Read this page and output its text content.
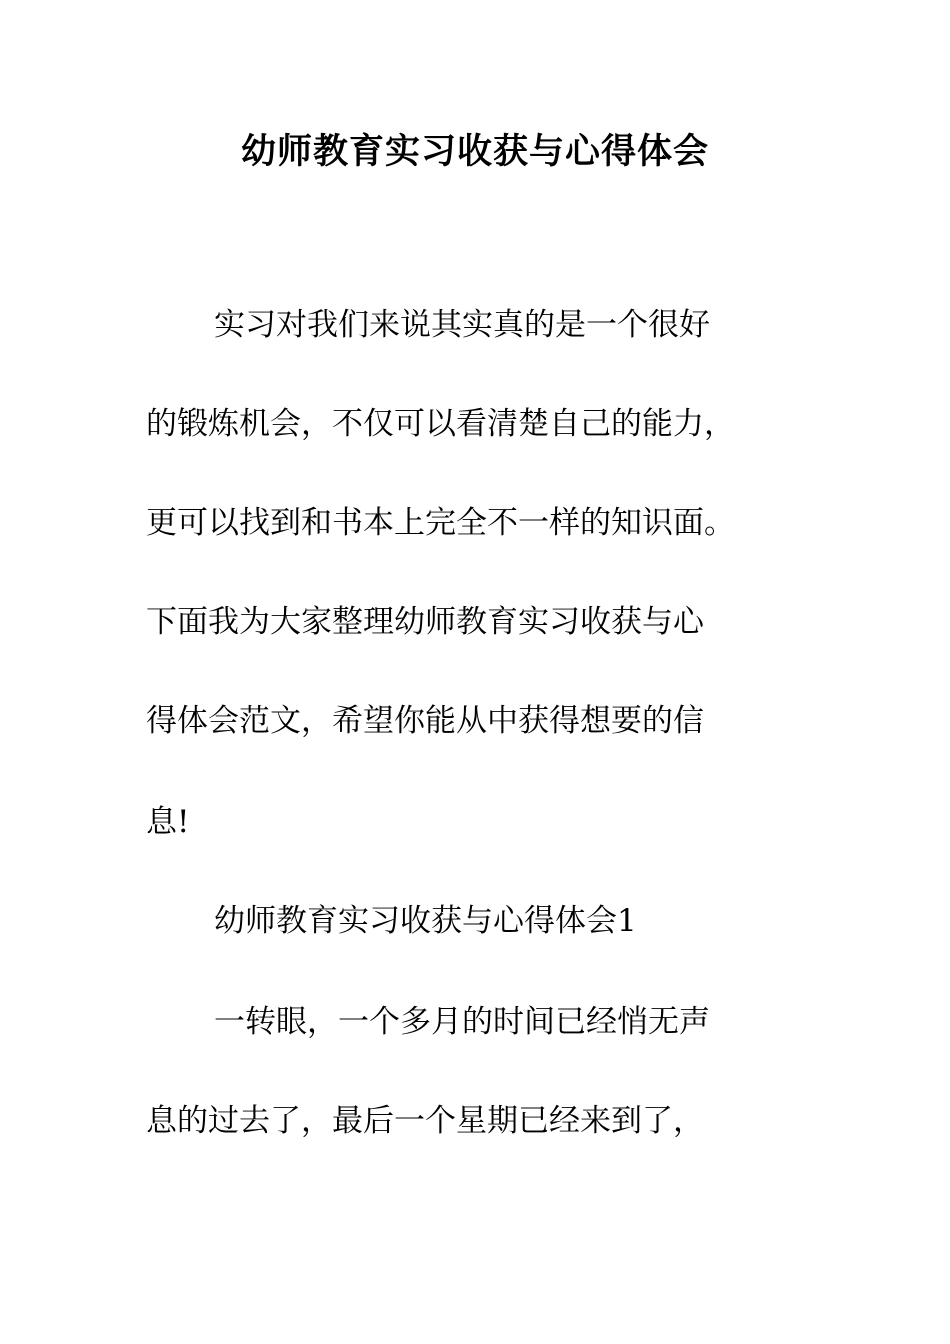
幼师教育实习收获与心得体会
实习对我们来说其实真的是一个很好
的锻炼机会，不仅可以看清楚自己的能力，
更可以找到和书本上完全不一样的知识面。
下面我为大家整理幼师教育实习收获与心
得体会范文，希望你能从中获得想要的信
息!
幼师教育实习收获与心得体会1
一转眼，一个多月的时间已经悄无声
息的过去了，最后一个星期已经来到了，
